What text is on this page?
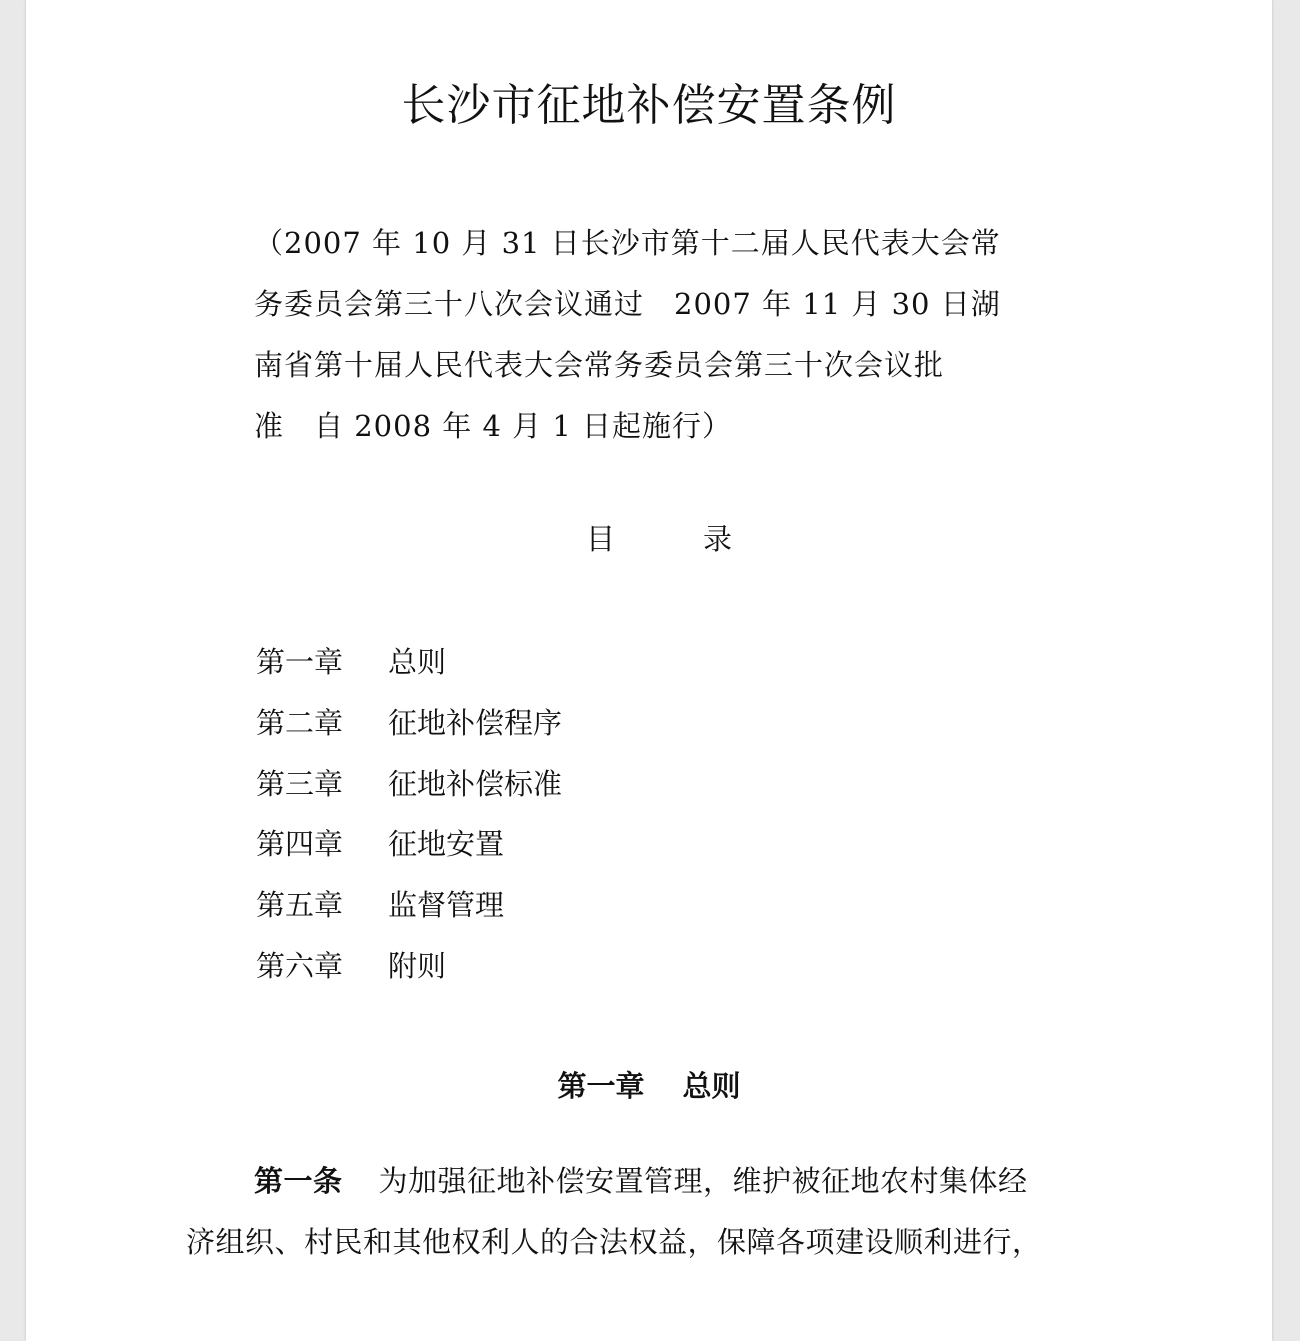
长沙市征地补偿安置条例
（2007 年 10 月 31 日长沙市第十二届人民代表大会常
务委员会第三十八次会议通过　2007 年 11 月 30 日湖
南省第十届人民代表大会常务委员会第三十次会议批
准　自 2008 年 4 月 1 日起施行）
目	录
第一章 总则
第二章 征地补偿程序
第三章 征地补偿标准
第四章 征地安置
第五章 监督管理
第六章 附则
第一章 总则
第一条 为加强征地补偿安置管理，维护被征地农村集体经
济组织、村民和其他权利人的合法权益，保障各项建设顺利进行，
